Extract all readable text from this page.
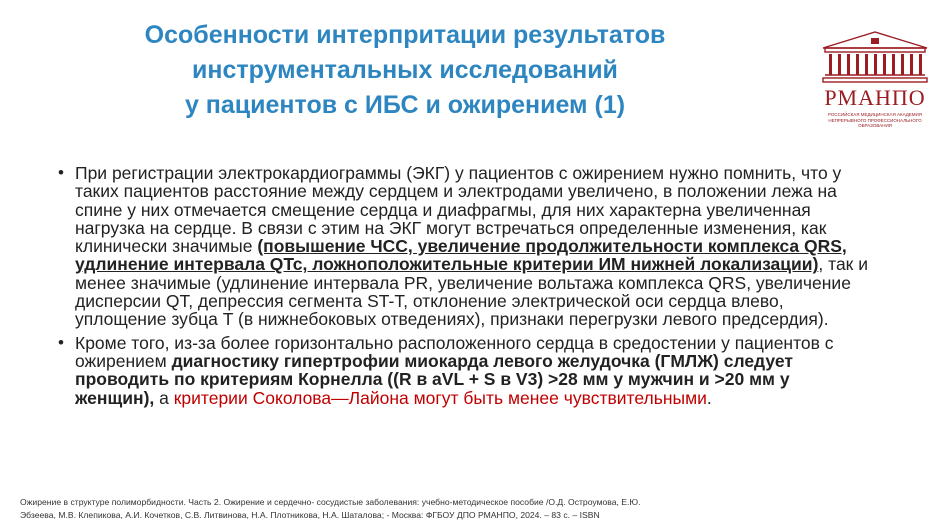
Особенности интерпритации результатов
инструментальных исследований
у пациентов с ИБС и ожирением (1)	РМАНПО
РОССИЙСКАЯ МЕДИЦИНСКАЯ АКАДЕМИЯ
НЕПРЕРЫВНОГО ПРОФЕССИОНАЛЬНОГО ОБРАЗОВАНИЯ
• При регистрации электрокардиограммы (ЭКГ) у пациентов с ожирением нужно помнить, что у таких пациентов расстояние между сердцем и электродами увеличено, в положении лежа на спине у них отмечается смещение сердца и диафрагмы, для них характерна увеличенная нагрузка на сердце. В связи с этим на ЭКГ могут встречаться определенные изменения, как клинически значимые (повышение ЧСС, увеличение продолжительности комплекса QRS, удлинение интервала QTc, ложноположительные критерии ИМ нижней локализации), так и менее значимые (удлинение интервала PR, увеличение вольтажа комплекса QRS, увеличение дисперсии QT, депрессия сегмента ST-T, отклонение электрической оси сердца влево, уплощение зубца T (в нижнебоковых отведениях), признаки перегрузки левого предсердия).
• Кроме того, из-за более горизонтально расположенного сердца в средостении у пациентов с ожирением диагностику гипертрофии миокарда левого желудочка (ГМЛЖ) следует проводить по критериям Корнелла ((R в aVL + S в V3) >28 мм у мужчин и >20 мм у женщин), а критерии Соколова—Лайона могут быть менее чувствительными.
Ожирение в структуре полиморбидности. Часть 2. Ожирение и сердечно- сосудистые заболевания: учебно-методическое пособие /О.Д. Остроумова, Е.Ю.
Эбзеева, М.В. Клепикова, А.И. Кочетков, С.В. Литвинова, Н.А. Плотникова, Н.А. Шаталова; - Москва: ФГБОУ ДПО РМАНПО, 2024. – 83 с. – ISBN
